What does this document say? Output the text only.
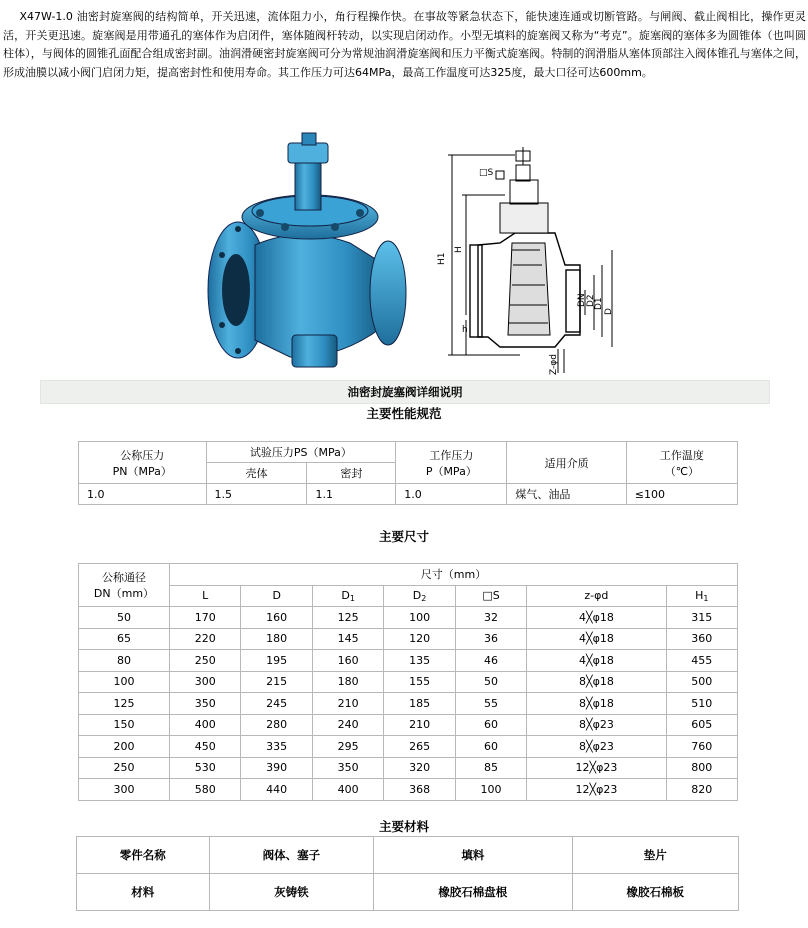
X47W-1.0 油密封旋塞阀的结构简单，开关迅速，流体阻力小，角行程操作快。在事故等紧急状态下，能快速连通或切断管路。与闸阀、截止阀相比，操作更灵活，开关更迅速。旋塞阀是用带通孔的塞体作为启闭件，塞体随阀杆转动，以实现启闭动作。小型无填料的旋塞阀又称为“考克”。旋塞阀的塞体多为圆锥体（也叫圆柱体），与阀体的圆锥孔面配合组成密封副。油润滑硬密封旋塞阀可分为常规油润滑旋塞阀和压力平衡式旋塞阀。特制的润滑脂从塞体顶部注入阀体锥孔与塞体之间，形成油膜以减小阀门启闭力矩，提高密封性和使用寿命。其工作压力可达64MPa，最高工作温度可达325度，最大口径可达600mm。
□S
H1
H
h
DN D2
D1
D
Z-φd
油密封旋塞阀详细说明
主要性能规范
公称压力
PN（MPa）	试验压力PS（MPa）		工作压力
P（MPa）	适用介质	工作温度
（℃）
	壳体	密封			
1.0	1.5	1.1	1.0	煤气、油品	≤100
主要尺寸
公称通径
DN（mm）	尺寸（mm）						
	L	D	$D_1$	$D_2$	□S	z-φd	$H_1$
50	170	160	125	100	32	4╳φ18	315
65	220	180	145	120	36	4╳φ18	360
80	250	195	160	135	46	4╳φ18	455
100	300	215	180	155	50	8╳φ18	500
125	350	245	210	185	55	8╳φ18	510
150	400	280	240	210	60	8╳φ23	605
200	450	335	295	265	60	8╳φ23	760
250	530	390	350	320	85	12╳φ23	800
300	580	440	400	368	100	12╳φ23	820
主要材料
零件名称	阀体、塞子	填料	垫片
材料	灰铸铁	橡胶石棉盘根	橡胶石棉板
